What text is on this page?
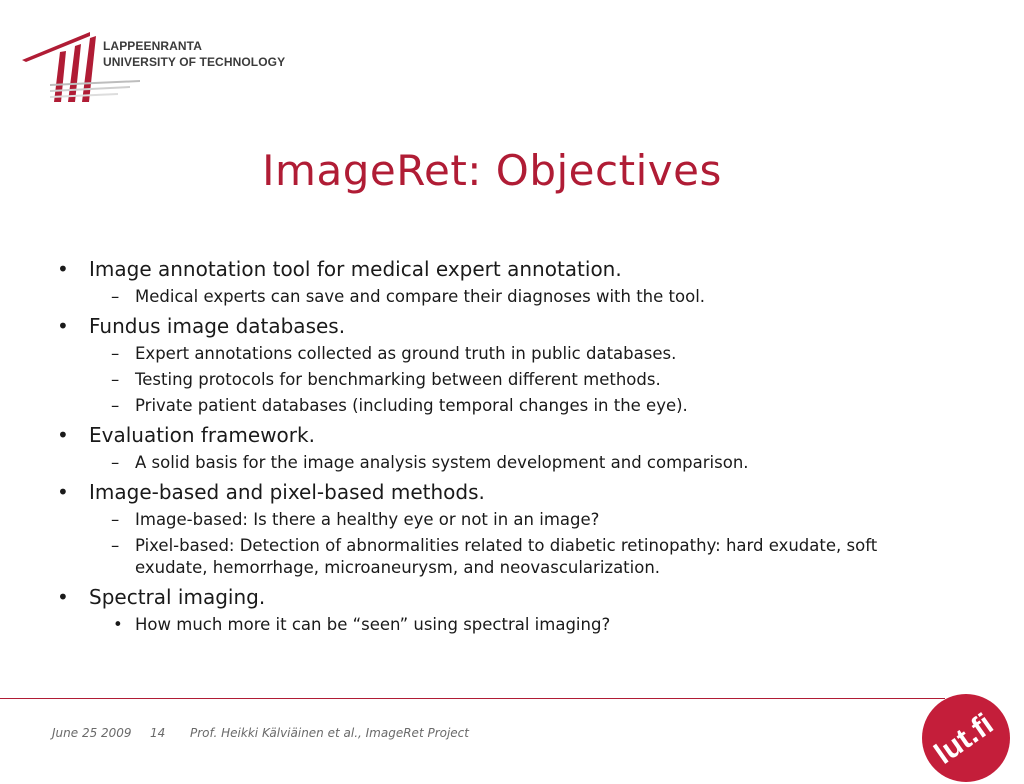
LAPPEENRANTA
UNIVERSITY OF TECHNOLOGY
ImageRet: Objectives
• Image annotation tool for medical expert annotation.
– Medical experts can save and compare their diagnoses with the tool.
• Fundus image databases.
– Expert annotations collected as ground truth in public databases.
– Testing protocols for benchmarking between different methods.
– Private patient databases (including temporal changes in the eye).
• Evaluation framework.
– A solid basis for the image analysis system development and comparison.
• Image-based and pixel-based methods.
– Image-based: Is there a healthy eye or not in an image?
– Pixel-based: Detection of abnormalities related to diabetic retinopathy: hard exudate, soft exudate, hemorrhage, microaneurysm, and neovascularization.
• Spectral imaging.
• How much more it can be “seen” using spectral imaging?
June 25 2009 14 Prof. Heikki Kälviäinen et al., ImageRet Project	lut.fi
